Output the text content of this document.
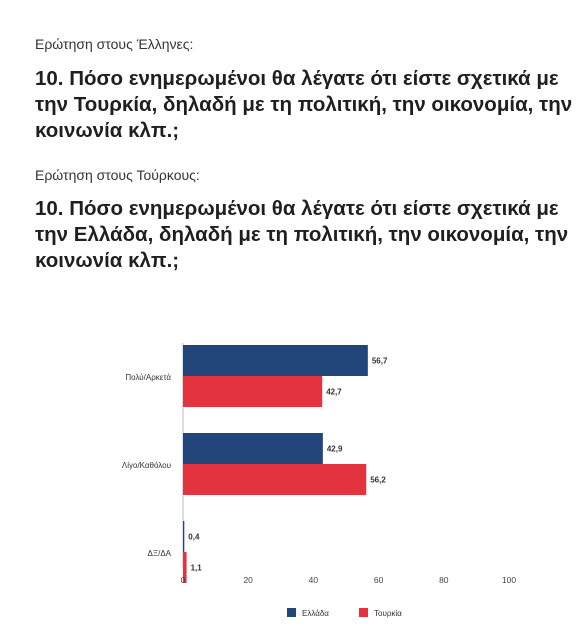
Ερώτηση στους Έλληνες:
10. Πόσο ενημερωμένοι θα λέγατε ότι είστε σχετικά με την Τουρκία, δηλαδή με τη πολιτική, την οικονομία, την κοινωνία κλπ.;
Ερώτηση στους Τούρκους:
10. Πόσο ενημερωμένοι θα λέγατε ότι είστε σχετικά με την Ελλάδα, δηλαδή με τη πολιτική, την οικονομία, την κοινωνία κλπ.;
Πολύ/Αρκετά
56,7
42,7
Λίγο/Καθόλου
42,9
56,2
ΔΞ/ΔΑ
0,4
1,1
0	20	40	60	80	100
Ελλάδα	Τουρκία
